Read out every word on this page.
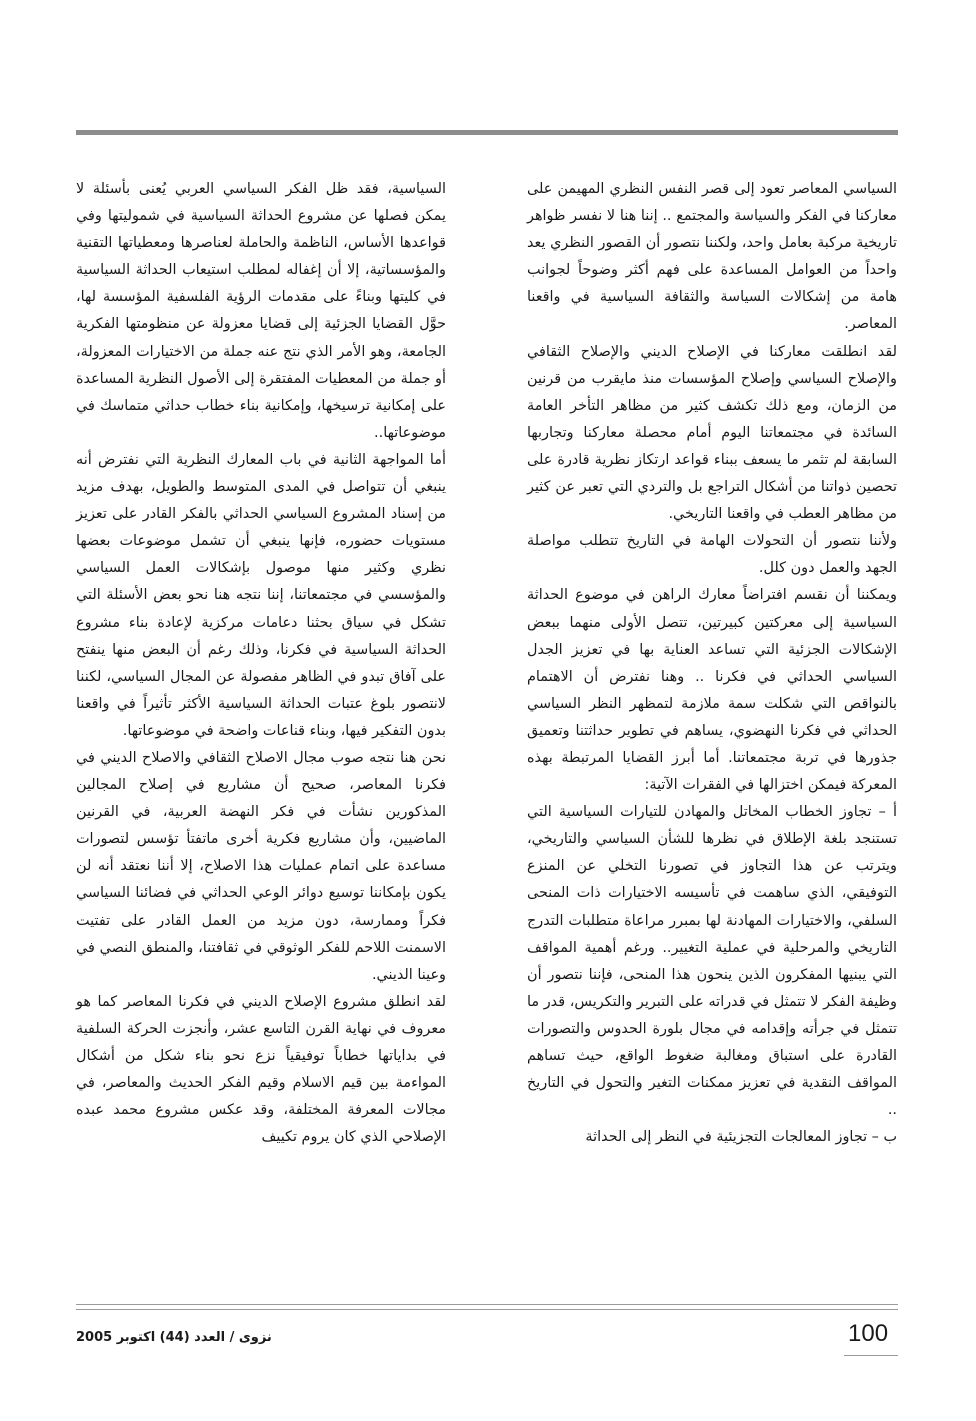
السياسي المعاصر تعود إلى قصر النفس النظري المهيمن على معاركنا في الفكر والسياسة والمجتمع .. إننا هنا لا نفسر ظواهر تاريخية مركبة بعامل واحد، ولكننا نتصور أن القصور النظري يعد واحداً من العوامل المساعدة على فهم أكثر وضوحاً لجوانب هامة من إشكالات السياسة والثقافة السياسية في واقعنا المعاصر.

لقد انطلقت معاركنا في الإصلاح الديني والإصلاح الثقافي والإصلاح السياسي وإصلاح المؤسسات منذ مايقرب من قرنين من الزمان، ومع ذلك تكشف كثير من مظاهر التأخر العامة السائدة في مجتمعاتنا اليوم أمام محصلة معاركنا وتجاربها السابقة لم تثمر ما يسعف ببناء قواعد ارتكاز نظرية قادرة على تحصين ذواتنا من أشكال التراجع بل والتردي التي تعبر عن كثير من مظاهر العطب في واقعنا التاريخي.

ولأننا نتصور أن التحولات الهامة في التاريخ تتطلب مواصلة الجهد والعمل دون كلل.

ويمكننا أن نقسم افتراضاً معارك الراهن في موضوع الحداثة السياسية إلى معركتين كبيرتين، تتصل الأولى منهما ببعض الإشكالات الجزئية التي تساعد العناية بها في تعزيز الجدل السياسي الحداثي في فكرنا .. وهنا نفترض أن الاهتمام بالنواقص التي شكلت سمة ملازمة لتمظهر النظر السياسي الحداثي في فكرنا النهضوي، يساهم في تطوير حداثتنا وتعميق جذورها في تربة مجتمعاتنا. أما أبرز القضايا المرتبطة بهذه المعركة فيمكن اختزالها في الفقرات الآتية:

أ – تجاوز الخطاب المخاتل والمهادن للتيارات السياسية التي تستنجد بلغة الإطلاق في نظرها للشأن السياسي والتاريخي، ويترتب عن هذا التجاوز في تصورنا التخلي عن المنزع التوفيقي، الذي ساهمت في تأسيسه الاختيارات ذات المنحى السلفي، والاختيارات المهادنة لها بمبرر مراعاة متطلبات التدرج التاريخي والمرحلية في عملية التغيير.. ورغم أهمية المواقف التي يبنيها المفكرون الذين ينحون هذا المنحى، فإننا نتصور أن وظيفة الفكر لا تتمثل في قدراته على التبرير والتكريس، قدر ما تتمثل في جرأته وإقدامه في مجال بلورة الحدوس والتصورات القادرة على استباق ومغالبة ضغوط الواقع، حيث تساهم المواقف النقدية في تعزيز ممكنات التغير والتحول في التاريخ ..

ب – تجاوز المعالجات التجزيئية في النظر إلى الحداثة

السياسية، فقد ظل الفكر السياسي العربي يُعنى بأسئلة لا يمكن فصلها عن مشروع الحداثة السياسية في شموليتها وفي قواعدها الأساس، الناظمة والحاملة لعناصرها ومعطياتها التقنية والمؤسساتية، إلا أن إغفاله لمطلب استيعاب الحداثة السياسية في كليتها وبناءً على مقدمات الرؤية الفلسفية المؤسسة لها، حوَّل القضايا الجزئية إلى قضايا معزولة عن منظومتها الفكرية الجامعة، وهو الأمر الذي نتج عنه جملة من الاختيارات المعزولة، أو جملة من المعطيات المفتقرة إلى الأصول النظرية المساعدة على إمكانية ترسيخها، وإمكانية بناء خطاب حداثي متماسك في موضوعاتها..

أما المواجهة الثانية في باب المعارك النظرية التي نفترض أنه ينبغي أن تتواصل في المدى المتوسط والطويل، بهدف مزيد من إسناد المشروع السياسي الحداثي بالفكر القادر على تعزيز مستويات حضوره، فإنها ينبغي أن تشمل موضوعات بعضها نظري وكثير منها موصول بإشكالات العمل السياسي والمؤسسي في مجتمعاتنا، إننا نتجه هنا نحو بعض الأسئلة التي تشكل في سياق بحثنا دعامات مركزية لإعادة بناء مشروع الحداثة السياسية في فكرنا، وذلك رغم أن البعض منها ينفتح على آفاق تبدو في الظاهر مفصولة عن المجال السياسي، لكننا لانتصور بلوغ عتبات الحداثة السياسية الأكثر تأثيراً في واقعنا بدون التفكير فيها، وبناء قناعات واضحة في موضوعاتها.

نحن هنا نتجه صوب مجال الاصلاح الثقافي والاصلاح الديني في فكرنا المعاصر، صحيح أن مشاريع في إصلاح المجالين المذكورين نشأت في فكر النهضة العربية، في القرنين الماضيين، وأن مشاريع فكرية أخرى ماتفتأ تؤسس لتصورات مساعدة على اتمام عمليات هذا الاصلاح، إلا أننا نعتقد أنه لن يكون بإمكاننا توسيع دوائر الوعي الحداثي في فضائنا السياسي فكراً وممارسة، دون مزيد من العمل القادر على تفتيت الاسمنت اللاحم للفكر الوثوقي في ثقافتنا، والمنطق النصي في وعينا الديني.

لقد انطلق مشروع الإصلاح الديني في فكرنا المعاصر كما هو معروف في نهاية القرن التاسع عشر، وأنجزت الحركة السلفية في بداياتها خطاباً توفيقياً نزع نحو بناء شكل من أشكال المواءمة بين قيم الاسلام وقيم الفكر الحديث والمعاصر، في مجالات المعرفة المختلفة، وقد عكس مشروع محمد عبده الإصلاحي الذي كان يروم تكييف

100
نزوى / العدد (44) اكتوبر 2005
